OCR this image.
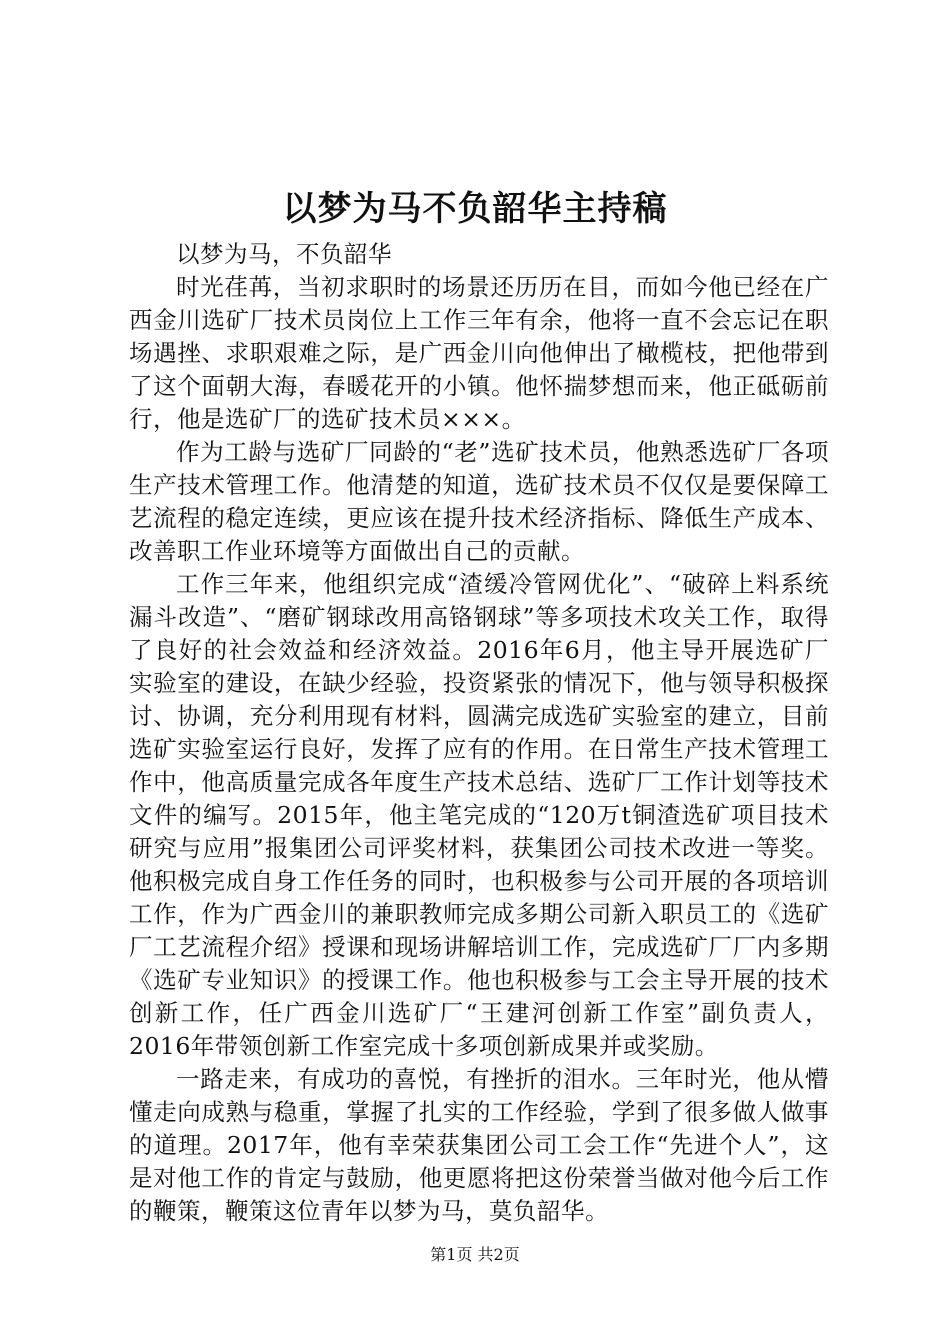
以梦为马不负韶华主持稿

以梦为马，不负韶华

时光荏苒，当初求职时的场景还历历在目，而如今他已经在广西金川选矿厂技术员岗位上工作三年有余，他将一直不会忘记在职场遇挫、求职艰难之际，是广西金川向他伸出了橄榄枝，把他带到了这个面朝大海，春暖花开的小镇。他怀揣梦想而来，他正砥砺前行，他是选矿厂的选矿技术员×××。

作为工龄与选矿厂同龄的“老”选矿技术员，他熟悉选矿厂各项生产技术管理工作。他清楚的知道，选矿技术员不仅仅是要保障工艺流程的稳定连续，更应该在提升技术经济指标、降低生产成本、改善职工作业环境等方面做出自己的贡献。

工作三年来，他组织完成“渣缓冷管网优化”、“破碎上料系统漏斗改造”、“磨矿钢球改用高铬钢球”等多项技术攻关工作，取得了良好的社会效益和经济效益。2016年6月，他主导开展选矿厂实验室的建设，在缺少经验，投资紧张的情况下，他与领导积极探讨、协调，充分利用现有材料，圆满完成选矿实验室的建立，目前选矿实验室运行良好，发挥了应有的作用。在日常生产技术管理工作中，他高质量完成各年度生产技术总结、选矿厂工作计划等技术文件的编写。2015年，他主笔完成的“120万t铜渣选矿项目技术研究与应用”报集团公司评奖材料，获集团公司技术改进一等奖。他积极完成自身工作任务的同时，也积极参与公司开展的各项培训工作，作为广西金川的兼职教师完成多期公司新入职员工的《选矿厂工艺流程介绍》授课和现场讲解培训工作，完成选矿厂厂内多期《选矿专业知识》的授课工作。他也积极参与工会主导开展的技术创新工作，任广西金川选矿厂“王建河创新工作室”副负责人，2016年带领创新工作室完成十多项创新成果并或奖励。

一路走来，有成功的喜悦，有挫折的泪水。三年时光，他从懵懂走向成熟与稳重，掌握了扎实的工作经验，学到了很多做人做事的道理。2017年，他有幸荣获集团公司工会工作“先进个人”，这是对他工作的肯定与鼓励，他更愿将把这份荣誉当做对他今后工作的鞭策，鞭策这位青年以梦为马，莫负韶华。

第1页 共2页
